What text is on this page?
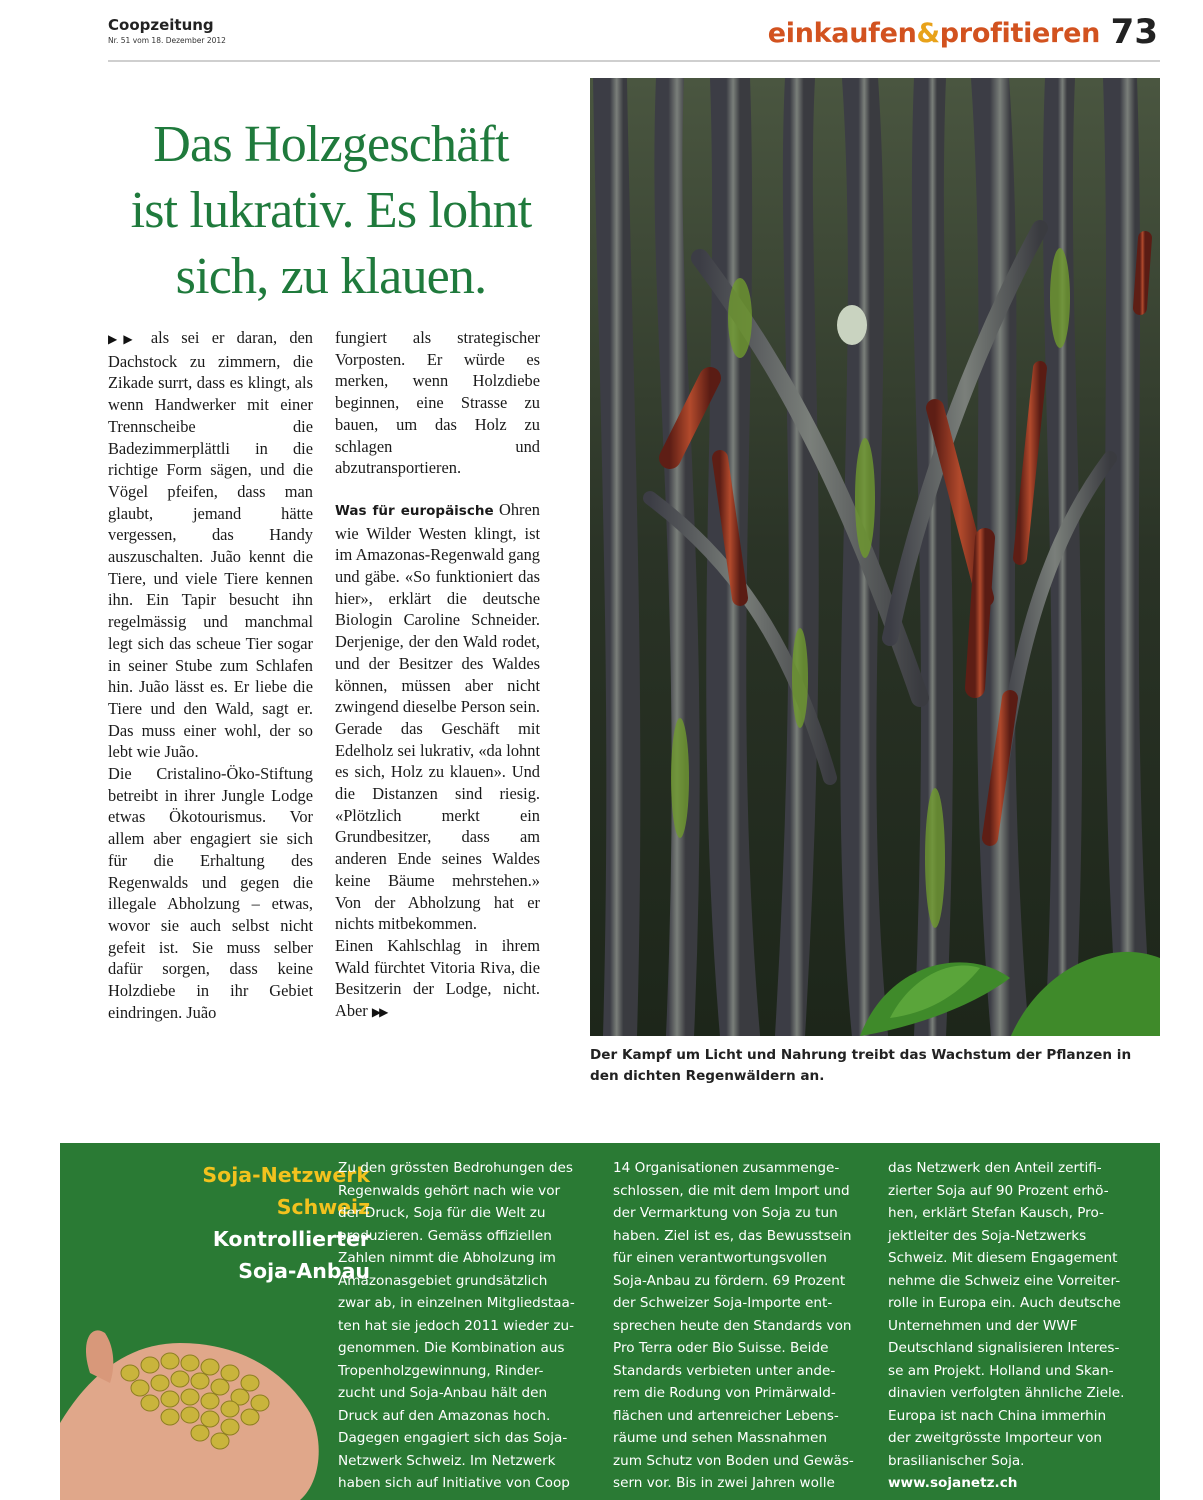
Coopzeitung
Nr. 51 vom 18. Dezember 2012	einkaufen&profitieren 73
Das Holzgeschäft
ist lukrativ. Es lohnt
sich, zu klauen.

▶▶ als sei er daran, den Dachstock zu zimmern, die Zikade surrt, dass es klingt, als wenn Handwerker mit einer Trennscheibe die Badezimmerplättli in die richtige Form sägen, und die Vögel pfeifen, dass man glaubt, jemand hätte vergessen, das Handy auszuschalten. Juão kennt die Tiere, und viele Tiere kennen ihn. Ein Tapir besucht ihn regelmässig und manchmal legt sich das scheue Tier sogar in seiner Stube zum Schlafen hin. Juão lässt es. Er liebe die Tiere und den Wald, sagt er. Das muss einer wohl, der so lebt wie Juão.

Die Cristalino-Öko-Stiftung betreibt in ihrer Jungle Lodge etwas Ökotourismus. Vor allem aber engagiert sie sich für die Erhaltung des Regenwalds und gegen die illegale Abholzung – etwas, wovor sie auch selbst nicht gefeit ist. Sie muss selber dafür sorgen, dass keine Holzdiebe in ihr Gebiet eindringen. Juão

fungiert als strategischer Vorposten. Er würde es merken, wenn Holzdiebe beginnen, eine Strasse zu bauen, um das Holz zu schlagen und abzutransportieren.

Was für europäische Ohren wie Wilder Westen klingt, ist im Amazonas-Regenwald gang und gäbe. «So funktioniert das hier», erklärt die deutsche Biologin Caroline Schneider. Derjenige, der den Wald rodet, und der Besitzer des Waldes können, müssen aber nicht zwingend dieselbe Person sein. Gerade das Geschäft mit Edelholz sei lukrativ, «da lohnt es sich, Holz zu klauen». Und die Distanzen sind riesig. «Plötzlich merkt ein Grundbesitzer, dass am anderen Ende seines Waldes keine Bäume mehrstehen.» Von der Abholzung hat er nichts mitbekommen.

Einen Kahlschlag in ihrem Wald fürchtet Vitoria Riva, die Besitzerin der Lodge, nicht. Aber ▶▶

Der Kampf um Licht und Nahrung treibt das Wachstum der Pflanzen in den dichten Regenwäldern an.
Soja-Netzwerk
Schweiz
Kontrollierter
Soja-Anbau
Zu den grössten Bedrohungen des
Regenwalds gehört nach wie vor
der Druck, Soja für die Welt zu
produzieren. Gemäss offiziellen
Zahlen nimmt die Abholzung im
Amazonasgebiet grundsätzlich
zwar ab, in einzelnen Mitgliedstaa-
ten hat sie jedoch 2011 wieder zu-
genommen. Die Kombination aus
Tropenholzgewinnung, Rinder-
zucht und Soja-Anbau hält den
Druck auf den Amazonas hoch.
Dagegen engagiert sich das Soja-
Netzwerk Schweiz. Im Netzwerk
haben sich auf Initiative von Coop
14 Organisationen zusammenge-
schlossen, die mit dem Import und
der Vermarktung von Soja zu tun
haben. Ziel ist es, das Bewusstsein
für einen verantwortungsvollen
Soja-Anbau zu fördern. 69 Prozent
der Schweizer Soja-Importe ent-
sprechen heute den Standards von
Pro Terra oder Bio Suisse. Beide
Standards verbieten unter ande-
rem die Rodung von Primärwald-
flächen und artenreicher Lebens-
räume und sehen Massnahmen
zum Schutz von Boden und Gewäs-
sern vor. Bis in zwei Jahren wolle
das Netzwerk den Anteil zertifi-
zierter Soja auf 90 Prozent erhö-
hen, erklärt Stefan Kausch, Pro-
jektleiter des Soja-Netzwerks
Schweiz. Mit diesem Engagement
nehme die Schweiz eine Vorreiter-
rolle in Europa ein. Auch deutsche
Unternehmen und der WWF
Deutschland signalisieren Interes-
se am Projekt. Holland und Skan-
dinavien verfolgten ähnliche Ziele.
Europa ist nach China immerhin
der zweitgrösste Importeur von
brasilianischer Soja.
www.sojanetz.ch
